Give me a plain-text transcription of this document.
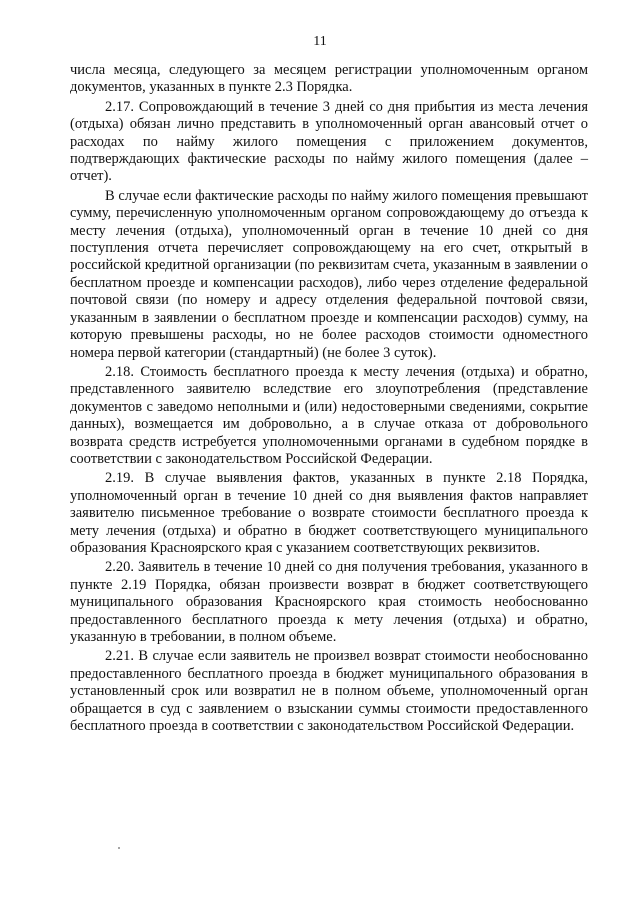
11

числа месяца, следующего за месяцем регистрации уполномоченным органом документов, указанных в пункте 2.3 Порядка.

2.17. Сопровождающий в течение 3 дней со дня прибытия из места лечения (отдыха) обязан лично представить в уполномоченный орган авансовый отчет о расходах по найму жилого помещения с приложением документов, подтверждающих фактические расходы по найму жилого помещения (далее – отчет).

В случае если фактические расходы по найму жилого помещения превышают сумму, перечисленную уполномоченным органом сопровождающему до отъезда к месту лечения (отдыха), уполномоченный орган в течение 10 дней со дня поступления отчета перечисляет сопровождающему на его счет, открытый в российской кредитной организации (по реквизитам счета, указанным в заявлении о бесплатном проезде и компенсации расходов), либо через отделение федеральной почтовой связи (по номеру и адресу отделения федеральной почтовой связи, указанным в заявлении о бесплатном проезде и компенсации расходов) сумму, на которую превышены расходы, но не более расходов стоимости одноместного номера первой категории (стандартный) (не более 3 суток).

2.18. Стоимость бесплатного проезда к месту лечения (отдыха) и обратно, представленного заявителю вследствие его злоупотребления (представление документов с заведомо неполными и (или) недостоверными сведениями, сокрытие данных), возмещается им добровольно, а в случае отказа от добровольного возврата средств истребуется уполномоченными органами в судебном порядке в соответствии с законодательством Российской Федерации.

2.19. В случае выявления фактов, указанных в пункте 2.18 Порядка, уполномоченный орган в течение 10 дней со дня выявления фактов направляет заявителю письменное требование о возврате стоимости бесплатного проезда к мету лечения (отдыха) и обратно в бюджет соответствующего муниципального образования Красноярского края с указанием соответствующих реквизитов.

2.20. Заявитель в течение 10 дней со дня получения требования, указанного в пункте 2.19 Порядка, обязан произвести возврат в бюджет соответствующего муниципального образования Красноярского края стоимость необоснованно предоставленного бесплатного проезда к мету лечения (отдыха) и обратно, указанную в требовании, в полном объеме.

2.21. В случае если заявитель не произвел возврат стоимости необоснованно предоставленного бесплатного проезда в бюджет муниципального образования в установленный срок или возвратил не в полном объеме, уполномоченный орган обращается в суд с заявлением о взыскании суммы стоимости предоставленного бесплатного проезда в соответствии с законодательством Российской Федерации.
